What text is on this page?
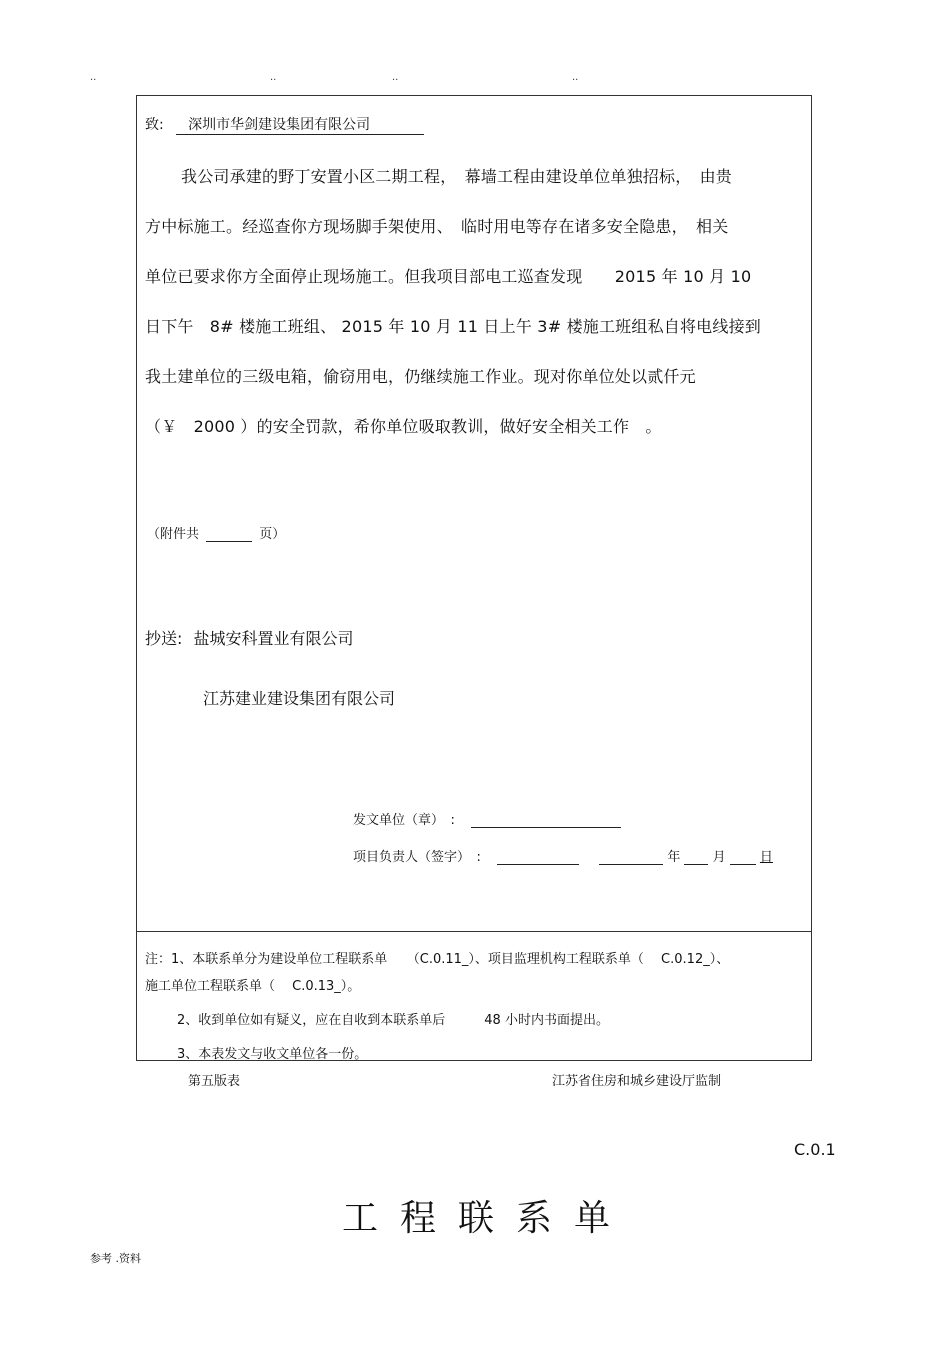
..	..	..	..
致: 深圳市华剑建设集团有限公司
我公司承建的野丁安置小区二期工程，　幕墙工程由建设单位单独招标，　由贵
方中标施工。经巡查你方现场脚手架使用、　临时用电等存在诸多安全隐患，　相关
单位已要求你方全面停止现场施工。但我项目部电工巡查发现　　2015 年 10 月 10
日下午　8# 楼施工班组、 2015 年 10 月 11 日上午 3# 楼施工班组私自将电线接到
我土建单位的三级电箱，偷窃用电，仍继续施工作业。现对你单位处以贰仟元
（￥　2000 ）的安全罚款，希你单位吸取教训，做好安全相关工作　。
（附件共	页）
抄送: 盐城安科置业有限公司
江苏建业建设集团有限公司
发文单位（章）　:
项目负责人（签字）　:	年 月	日
注：1、本联系单分为建设单位工程联系单　　（C.0.11_）、项目监理机构工程联系单（　 C.0.12_）、
施工单位工程联系单（　 C.0.13_）。
2、收到单位如有疑义，应在自收到本联系单后　　　48 小时内书面提出。
3、本表发文与收文单位各一份。
第五版表	江苏省住房和城乡建设厅监制
C.0.1
工程联系单
参考 .资料
